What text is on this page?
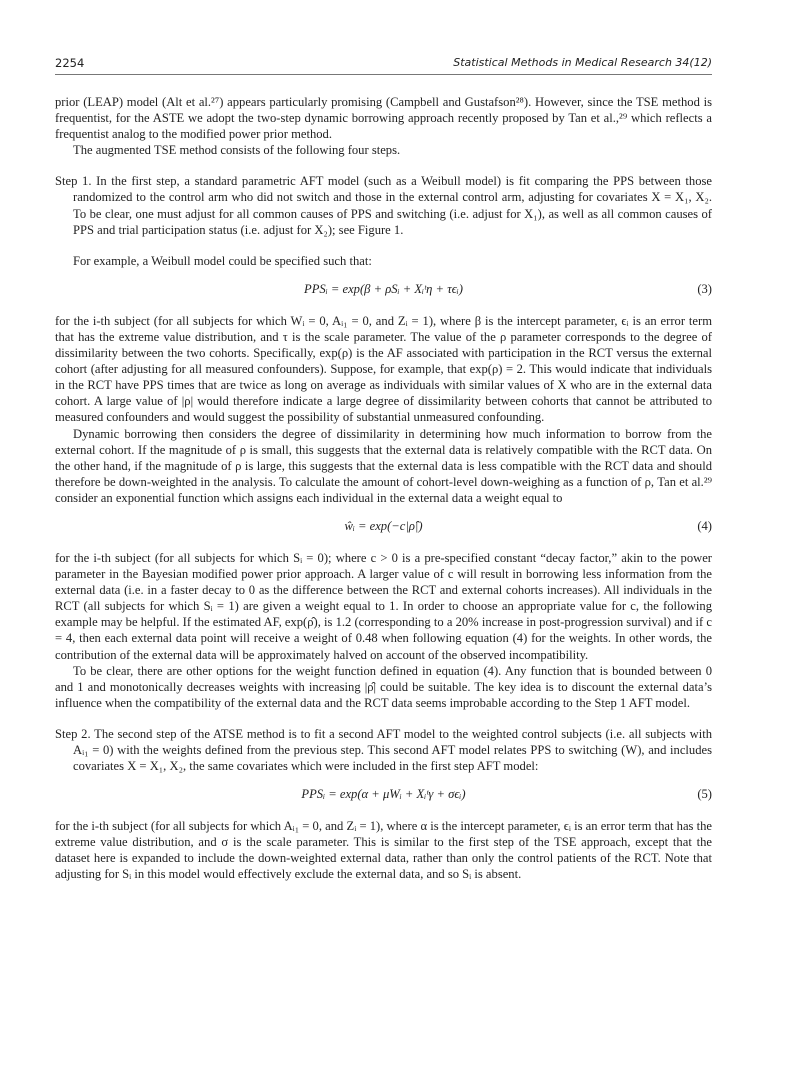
2254	Statistical Methods in Medical Research 34(12)

prior (LEAP) model (Alt et al.²⁷) appears particularly promising (Campbell and Gustafson²⁸). However, since the TSE method is frequentist, for the ASTE we adopt the two-step dynamic borrowing approach recently proposed by Tan et al.,²⁹ which reflects a frequentist analog to the modified power prior method.

The augmented TSE method consists of the following four steps.

Step 1. In the first step, a standard parametric AFT model (such as a Weibull model) is fit comparing the PPS between those randomized to the control arm who did not switch and those in the external control arm, adjusting for covariates X = X₁, X₂. To be clear, one must adjust for all common causes of PPS and switching (i.e. adjust for X₁), as well as all common causes of PPS and trial participation status (i.e. adjust for X₂); see Figure 1.

For example, a Weibull model could be specified such that:

PPSᵢ = exp(β + ρSᵢ + Xᵢᵗη + τϵᵢ)	(3)

for the i-th subject (for all subjects for which Wᵢ = 0, Aᵢ₁ = 0, and Zᵢ = 1), where β is the intercept parameter, ϵᵢ is an error term that has the extreme value distribution, and τ is the scale parameter. The value of the ρ parameter corresponds to the degree of dissimilarity between the two cohorts. Specifically, exp(ρ) is the AF associated with participation in the RCT versus the external cohort (after adjusting for all measured confounders). Suppose, for example, that exp(ρ) = 2. This would indicate that individuals in the RCT have PPS times that are twice as long on average as individuals with similar values of X who are in the external data cohort. A large value of |ρ| would therefore indicate a large degree of dissimilarity between cohorts that cannot be attributed to measured confounders and would suggest the possibility of substantial unmeasured confounding.

Dynamic borrowing then considers the degree of dissimilarity in determining how much information to borrow from the external cohort. If the magnitude of ρ is small, this suggests that the external data is relatively compatible with the RCT data. On the other hand, if the magnitude of ρ is large, this suggests that the external data is less compatible with the RCT data and should therefore be down-weighted in the analysis. To calculate the amount of cohort-level down-weighing as a function of ρ, Tan et al.²⁹ consider an exponential function which assigns each individual in the external data a weight equal to

ŵᵢ = exp(−c|ρ̂|)	(4)

for the i-th subject (for all subjects for which Sᵢ = 0); where c > 0 is a pre-specified constant “decay factor,” akin to the power parameter in the Bayesian modified power prior approach. A larger value of c will result in borrowing less information from the external data (i.e. in a faster decay to 0 as the difference between the RCT and external cohorts increases). All individuals in the RCT (all subjects for which Sᵢ = 1) are given a weight equal to 1. In order to choose an appropriate value for c, the following example may be helpful. If the estimated AF, exp(ρ̂), is 1.2 (corresponding to a 20% increase in post-progression survival) and if c = 4, then each external data point will receive a weight of 0.48 when following equation (4) for the weights. In other words, the contribution of the external data will be approximately halved on account of the observed incompatibility.

To be clear, there are other options for the weight function defined in equation (4). Any function that is bounded between 0 and 1 and monotonically decreases weights with increasing |ρ̂| could be suitable. The key idea is to discount the external data’s influence when the compatibility of the external data and the RCT data seems improbable according to the Step 1 AFT model.

Step 2. The second step of the ATSE method is to fit a second AFT model to the weighted control subjects (i.e. all subjects with Aᵢ₁ = 0) with the weights defined from the previous step. This second AFT model relates PPS to switching (W), and includes covariates X = X₁, X₂, the same covariates which were included in the first step AFT model:

PPSᵢ = exp(α + μWᵢ + Xᵢᵗγ + σϵᵢ)	(5)

for the i-th subject (for all subjects for which Aᵢ₁ = 0, and Zᵢ = 1), where α is the intercept parameter, ϵᵢ is an error term that has the extreme value distribution, and σ is the scale parameter. This is similar to the first step of the TSE approach, except that the dataset here is expanded to include the down-weighted external data, rather than only the control patients of the RCT. Note that adjusting for Sᵢ in this model would effectively exclude the external data, and so Sᵢ is absent.
